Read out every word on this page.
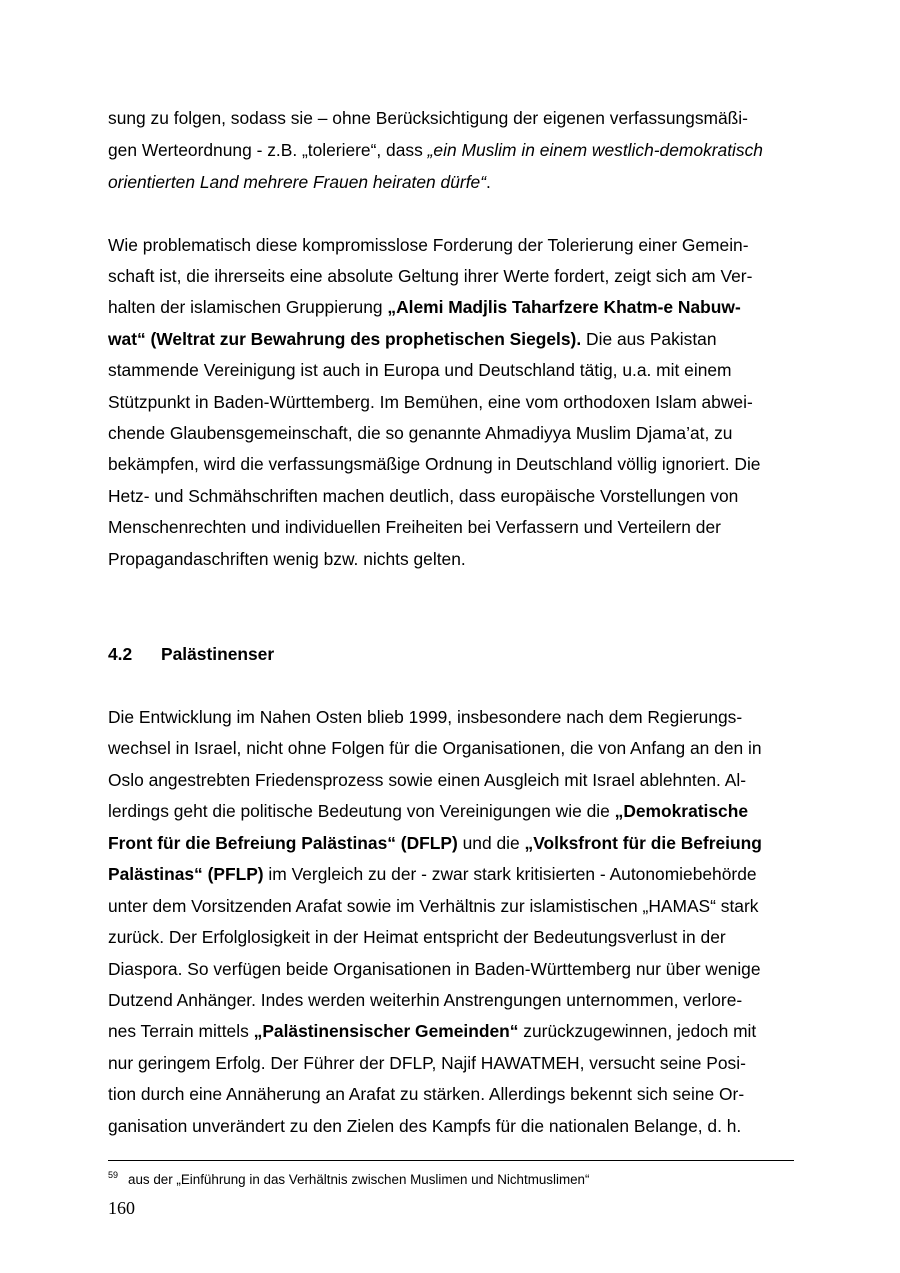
sung zu folgen, sodass sie – ohne Berücksichtigung der eigenen verfassungsmäßi-
gen Werteordnung - z.B. „toleriere“, dass „ein Muslim in einem westlich-demokratisch
orientierten Land mehrere Frauen heiraten dürfe“.
Wie problematisch diese kompromisslose Forderung der Tolerierung einer Gemein-
schaft ist, die ihrerseits eine absolute Geltung ihrer Werte fordert, zeigt sich am Ver-
halten der islamischen Gruppierung „Alemi Madjlis Taharfzere Khatm-e Nabuw-
wat“ (Weltrat zur Bewahrung des prophetischen Siegels). Die aus Pakistan
stammende Vereinigung ist auch in Europa und Deutschland tätig, u.a. mit einem
Stützpunkt in Baden-Württemberg. Im Bemühen, eine vom orthodoxen Islam abwei-
chende Glaubensgemeinschaft, die so genannte Ahmadiyya Muslim Djama’at, zu
bekämpfen, wird die verfassungsmäßige Ordnung in Deutschland völlig ignoriert. Die
Hetz- und Schmähschriften machen deutlich, dass europäische Vorstellungen von
Menschenrechten und individuellen Freiheiten bei Verfassern und Verteilern der
Propagandaschriften wenig bzw. nichts gelten.
4.2 Palästinenser
Die Entwicklung im Nahen Osten blieb 1999, insbesondere nach dem Regierungs-
wechsel in Israel, nicht ohne Folgen für die Organisationen, die von Anfang an den in
Oslo angestrebten Friedensprozess sowie einen Ausgleich mit Israel ablehnten. Al-
lerdings geht die politische Bedeutung von Vereinigungen wie die „Demokratische
Front für die Befreiung Palästinas“ (DFLP) und die „Volksfront für die Befreiung
Palästinas“ (PFLP) im Vergleich zu der - zwar stark kritisierten - Autonomiebehörde
unter dem Vorsitzenden Arafat sowie im Verhältnis zur islamistischen „HAMAS“ stark
zurück. Der Erfolglosigkeit in der Heimat entspricht der Bedeutungsverlust in der
Diaspora. So verfügen beide Organisationen in Baden-Württemberg nur über wenige
Dutzend Anhänger. Indes werden weiterhin Anstrengungen unternommen, verlore-
nes Terrain mittels „Palästinensischer Gemeinden“ zurückzugewinnen, jedoch mit
nur geringem Erfolg. Der Führer der DFLP, Najif HAWATMEH, versucht seine Posi-
tion durch eine Annäherung an Arafat zu stärken. Allerdings bekennt sich seine Or-
ganisation unverändert zu den Zielen des Kampfs für die nationalen Belange, d. h.
$^{59}$ aus der „Einführung in das Verhältnis zwischen Muslimen und Nichtmuslimen“
160
